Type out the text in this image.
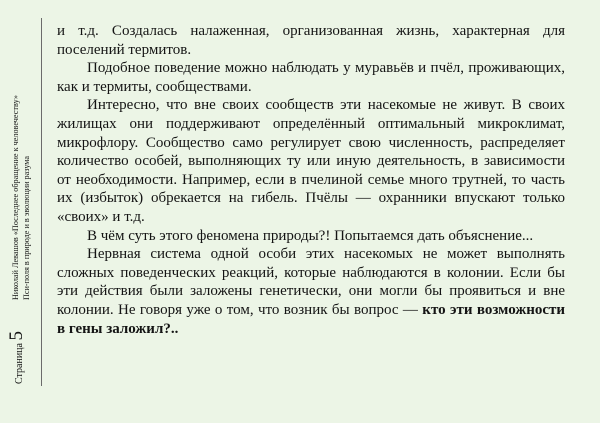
Николай Левашов «Последнее обращение к человечеству» Пси-поля в природе и в эволюции разума
Страница 5

и т.д. Создалась налаженная, организованная жизнь, характерная для поселений термитов.

Подобное поведение можно наблюдать у муравьёв и пчёл, проживающих, как и термиты, сообществами.

Интересно, что вне своих сообществ эти насекомые не живут. В своих жилищах они поддерживают определённый оптимальный микроклимат, микрофлору. Сообщество само регулирует свою численность, распределяет количество особей, выполняющих ту или иную деятельность, в зависимости от необходимости. Например, если в пчелиной семье много трутней, то часть их (избыток) обрекается на гибель. Пчёлы — охранники впускают только «своих» и т.д.

В чём суть этого феномена природы?! Попытаемся дать объяснение...

Нервная система одной особи этих насекомых не может выполнять сложных поведенческих реакций, которые наблюдаются в колонии. Если бы эти действия были заложены генетически, они могли бы проявиться и вне колонии. Не говоря уже о том, что возник бы вопрос — кто эти возможности в гены заложил?..
